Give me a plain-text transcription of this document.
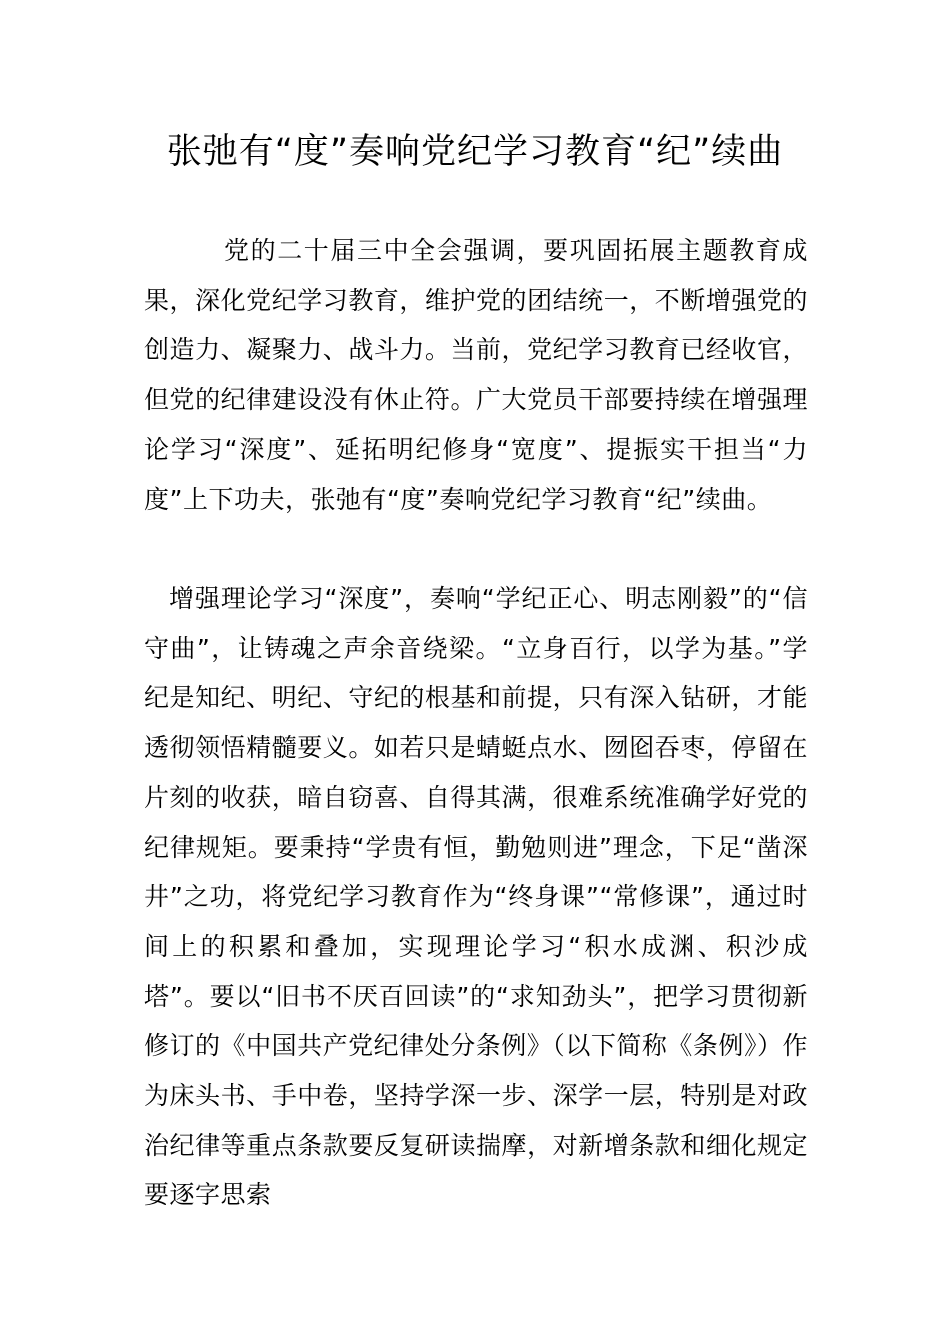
张弛有“度”奏响党纪学习教育“纪”续曲

党的二十届三中全会强调，要巩固拓展主题教育成果，深化党纪学习教育，维护党的团结统一，不断增强党的创造力、凝聚力、战斗力。当前，党纪学习教育已经收官，但党的纪律建设没有休止符。广大党员干部要持续在增强理论学习“深度”、延拓明纪修身“宽度”、提振实干担当“力度”上下功夫，张弛有“度”奏响党纪学习教育“纪”续曲。

增强理论学习“深度”，奏响“学纪正心、明志刚毅”的“信守曲”，让铸魂之声余音绕梁。“立身百行，以学为基。”学纪是知纪、明纪、守纪的根基和前提，只有深入钻研，才能透彻领悟精髓要义。如若只是蜻蜓点水、囫囵吞枣，停留在片刻的收获，暗自窃喜、自得其满，很难系统准确学好党的纪律规矩。要秉持“学贵有恒，勤勉则进”理念，下足“凿深井”之功，将党纪学习教育作为“终身课”“常修课”，通过时间上的积累和叠加，实现理论学习“积水成渊、积沙成塔”。要以“旧书不厌百回读”的“求知劲头”，把学习贯彻新修订的《中国共产党纪律处分条例》（以下简称《条例》）作为床头书、手中卷，坚持学深一步、深学一层，特别是对政治纪律等重点条款要反复研读揣摩，对新增条款和细化规定要逐字思索
